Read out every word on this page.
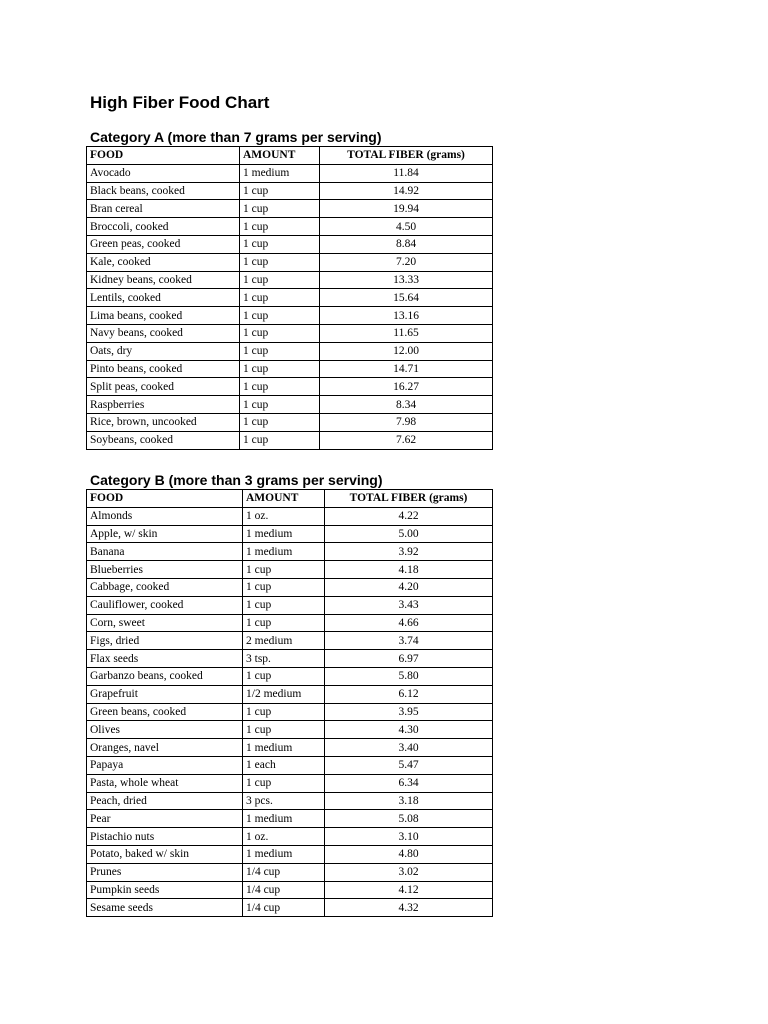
High Fiber Food Chart
Category A (more than 7 grams per serving)
FOOD	AMOUNT	TOTAL FIBER (grams)
Avocado	1 medium	11.84
Black beans, cooked	1 cup	14.92
Bran cereal	1 cup	19.94
Broccoli, cooked	1 cup	4.50
Green peas, cooked	1 cup	8.84
Kale, cooked	1 cup	7.20
Kidney beans, cooked	1 cup	13.33
Lentils, cooked	1 cup	15.64
Lima beans, cooked	1 cup	13.16
Navy beans, cooked	1 cup	11.65
Oats, dry	1 cup	12.00
Pinto beans, cooked	1 cup	14.71
Split peas, cooked	1 cup	16.27
Raspberries	1 cup	8.34
Rice, brown, uncooked	1 cup	7.98
Soybeans, cooked	1 cup	7.62
Category B (more than 3 grams per serving)
FOOD	AMOUNT	TOTAL FIBER (grams)
Almonds	1 oz.	4.22
Apple, w/ skin	1 medium	5.00
Banana	1 medium	3.92
Blueberries	1 cup	4.18
Cabbage, cooked	1 cup	4.20
Cauliflower, cooked	1 cup	3.43
Corn, sweet	1 cup	4.66
Figs, dried	2 medium	3.74
Flax seeds	3 tsp.	6.97
Garbanzo beans, cooked	1 cup	5.80
Grapefruit	1/2 medium	6.12
Green beans, cooked	1 cup	3.95
Olives	1 cup	4.30
Oranges, navel	1 medium	3.40
Papaya	1 each	5.47
Pasta, whole wheat	1 cup	6.34
Peach, dried	3 pcs.	3.18
Pear	1 medium	5.08
Pistachio nuts	1 oz.	3.10
Potato, baked w/ skin	1 medium	4.80
Prunes	1/4 cup	3.02
Pumpkin seeds	1/4 cup	4.12
Sesame seeds	1/4 cup	4.32
